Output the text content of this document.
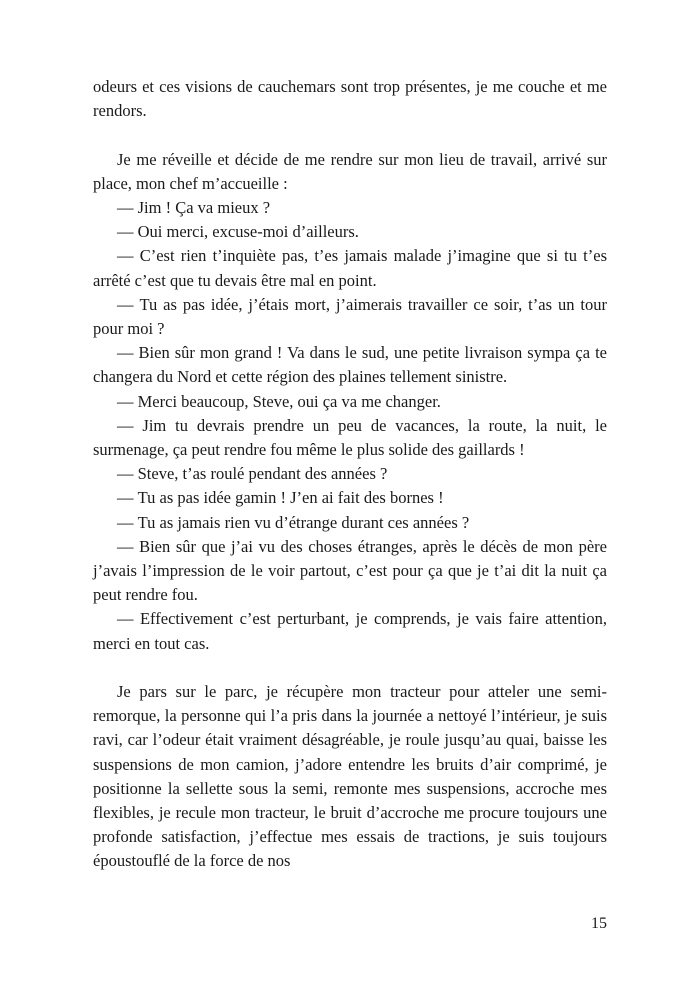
odeurs et ces visions de cauchemars sont trop présentes, je me couche et me rendors.

Je me réveille et décide de me rendre sur mon lieu de travail, arrivé sur place, mon chef m’accueille :

— Jim ! Ça va mieux ?

— Oui merci, excuse-moi d’ailleurs.

— C’est rien t’inquiète pas, t’es jamais malade j’imagine que si tu t’es arrêté c’est que tu devais être mal en point.

— Tu as pas idée, j’étais mort, j’aimerais travailler ce soir, t’as un tour pour moi ?

— Bien sûr mon grand ! Va dans le sud, une petite livraison sympa ça te changera du Nord et cette région des plaines tellement sinistre.

— Merci beaucoup, Steve, oui ça va me changer.

— Jim tu devrais prendre un peu de vacances, la route, la nuit, le surmenage, ça peut rendre fou même le plus solide des gaillards !

— Steve, t’as roulé pendant des années ?

— Tu as pas idée gamin ! J’en ai fait des bornes !

— Tu as jamais rien vu d’étrange durant ces années ?

— Bien sûr que j’ai vu des choses étranges, après le décès de mon père j’avais l’impression de le voir partout, c’est pour ça que je t’ai dit la nuit ça peut rendre fou.

— Effectivement c’est perturbant, je comprends, je vais faire attention, merci en tout cas.

Je pars sur le parc, je récupère mon tracteur pour atteler une semi-remorque, la personne qui l’a pris dans la journée a nettoyé l’intérieur, je suis ravi, car l’odeur était vraiment désagréable, je roule jusqu’au quai, baisse les suspensions de mon camion, j’adore entendre les bruits d’air comprimé, je positionne la sellette sous la semi, remonte mes suspensions, accroche mes flexibles, je recule mon tracteur, le bruit d’accroche me procure toujours une profonde satisfaction, j’effectue mes essais de tractions, je suis toujours époustouflé de la force de nos

15
